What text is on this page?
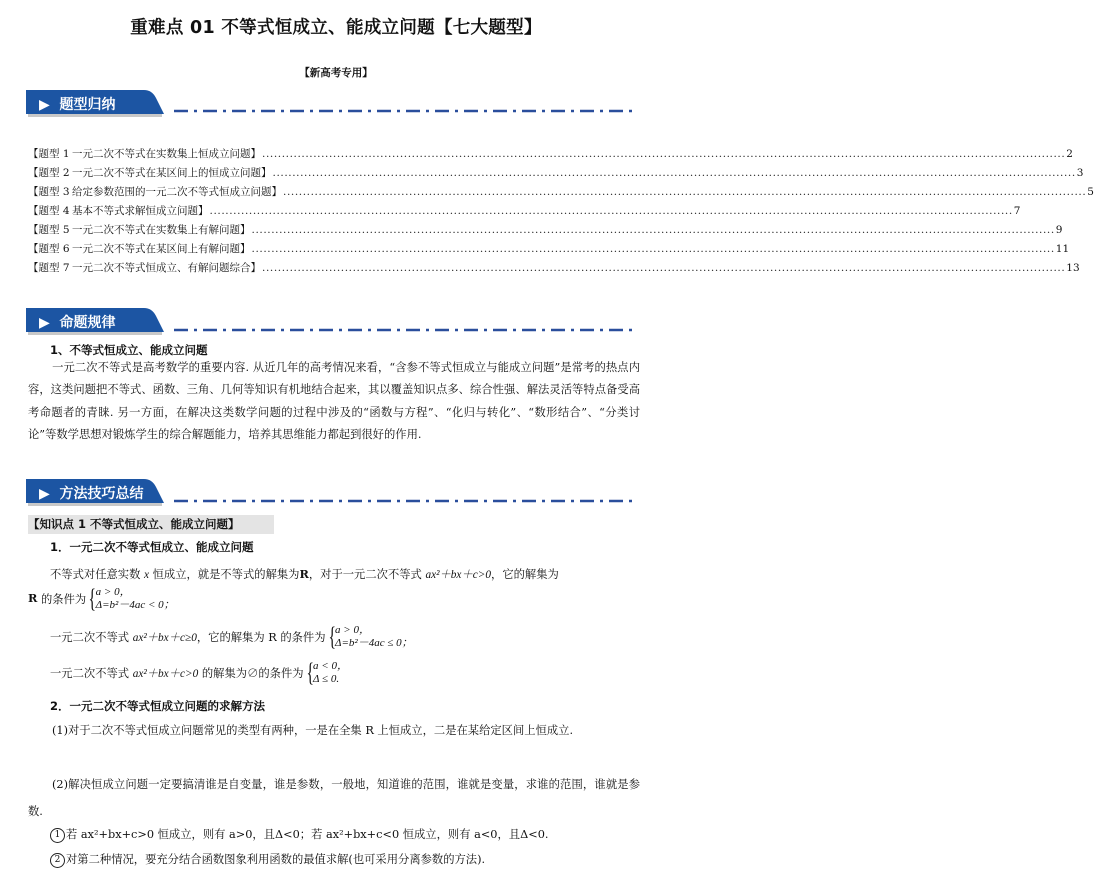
重难点 01 不等式恒成立、能成立问题【七大题型】
【新高考专用】
▶ 题型归纳
【题型 1 一元二次不等式在实数集上恒成立问题】 ............................................................................................................................................................................................................ 2
【题型 2 一元二次不等式在某区间上的恒成立问题】 ............................................................................................................................................................................................................ 3
【题型 3 给定参数范围的一元二次不等式恒成立问题】 ............................................................................................................................................................................................................ 5
【题型 4 基本不等式求解恒成立问题】 ............................................................................................................................................................................................................ 7
【题型 5 一元二次不等式在实数集上有解问题】 ............................................................................................................................................................................................................ 9
【题型 6 一元二次不等式在某区间上有解问题】 ............................................................................................................................................................................................................ 11
【题型 7 一元二次不等式恒成立、有解问题综合】 ............................................................................................................................................................................................................ 13
▶ 命题规律
1、不等式恒成立、能成立问题
一元二次不等式是高考数学的重要内容. 从近几年的高考情况来看，“含参不等式恒成立与能成立问题”是常考的热点内容，这类问题把不等式、函数、三角、几何等知识有机地结合起来，其以覆盖知识点多、综合性强、解法灵活等特点备受高考命题者的青睐. 另一方面，在解决这类数学问题的过程中涉及的“函数与方程”、“化归与转化”、“数形结合”、“分类讨论”等数学思想对锻炼学生的综合解题能力，培养其思维能力都起到很好的作用.
▶ 方法技巧总结
【知识点 1 不等式恒成立、能成立问题】
1．一元二次不等式恒成立、能成立问题
不等式对任意实数 x 恒成立，就是不等式的解集为R，对于一元二次不等式 ax²＋bx＋c>0，它的解集为
R 的条件为{a > 0，
Δ=b²－4ac < 0；
一元二次不等式 ax²＋bx＋c≥0，它的解集为 R 的条件为{a > 0，
Δ=b²－4ac ≤ 0；
一元二次不等式 ax²＋bx＋c>0 的解集为∅的条件为{a < 0，
Δ ≤ 0.
2．一元二次不等式恒成立问题的求解方法
(1)对于二次不等式恒成立问题常见的类型有两种，一是在全集 R 上恒成立，二是在某给定区间上恒成立.
(2)解决恒成立问题一定要搞清谁是自变量，谁是参数，一般地，知道谁的范围，谁就是变量，求谁的范围，谁就是参数.
1 若 ax²+bx+c>0 恒成立，则有 a>0，且Δ<0；若 ax²+bx+c<0 恒成立，则有 a<0，且Δ<0.
2 对第二种情况，要充分结合函数图象利用函数的最值求解(也可采用分离参数的方法).
